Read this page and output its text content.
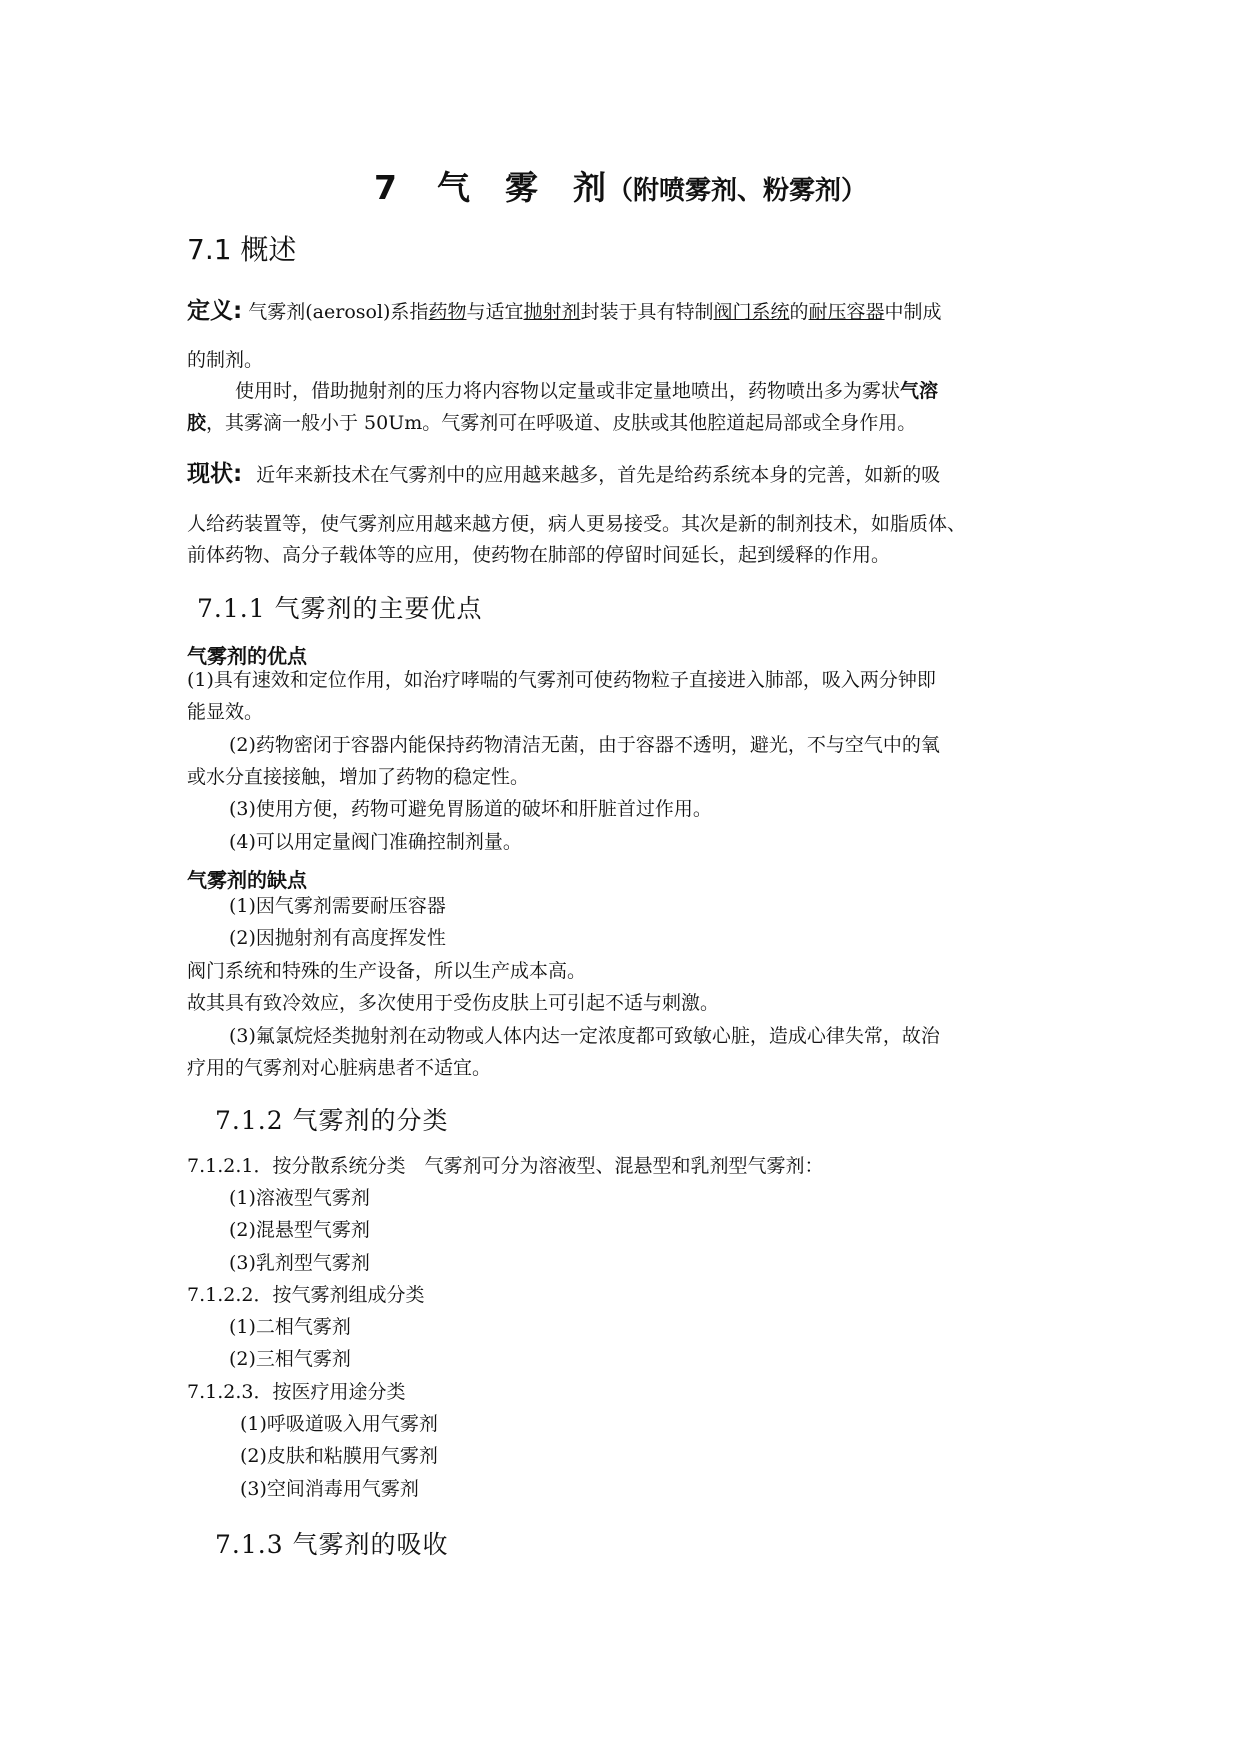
7 气 雾 剂（附喷雾剂、粉雾剂）
7.1 概述
定义: 气雾剂(aerosol)系指药物与适宜抛射剂封装于具有特制阀门系统的耐压容器中制成
的制剂。
使用时，借助抛射剂的压力将内容物以定量或非定量地喷出，药物喷出多为雾状气溶
胶，其雾滴一般小于 50Um。气雾剂可在呼吸道、皮肤或其他腔道起局部或全身作用。
现状: 近年来新技术在气雾剂中的应用越来越多，首先是给药系统本身的完善，如新的吸
人给药装置等，使气雾剂应用越来越方便，病人更易接受。其次是新的制剂技术，如脂质体、
前体药物、高分子载体等的应用，使药物在肺部的停留时间延长，起到缓释的作用。
7.1.1 气雾剂的主要优点
气雾剂的优点
(1)具有速效和定位作用，如治疗哮喘的气雾剂可使药物粒子直接进入肺部，吸入两分钟即
能显效。
(2)药物密闭于容器内能保持药物清洁无菌，由于容器不透明，避光，不与空气中的氧
或水分直接接触，增加了药物的稳定性。
(3)使用方便，药物可避免胃肠道的破坏和肝脏首过作用。
(4)可以用定量阀门准确控制剂量。
气雾剂的缺点
(1)因气雾剂需要耐压容器
(2)因抛射剂有高度挥发性
阀门系统和特殊的生产设备，所以生产成本高。
故其具有致冷效应，多次使用于受伤皮肤上可引起不适与刺激。
(3)氟氯烷烃类抛射剂在动物或人体内达一定浓度都可致敏心脏，造成心律失常，故治
疗用的气雾剂对心脏病患者不适宜。
7.1.2 气雾剂的分类
7.1.2.1．按分散系统分类　气雾剂可分为溶液型、混悬型和乳剂型气雾剂：
(1)溶液型气雾剂
(2)混悬型气雾剂
(3)乳剂型气雾剂
7.1.2.2．按气雾剂组成分类
(1)二相气雾剂
(2)三相气雾剂
7.1.2.3．按医疗用途分类
(1)呼吸道吸入用气雾剂
(2)皮肤和粘膜用气雾剂
(3)空间消毒用气雾剂
7.1.3 气雾剂的吸收
